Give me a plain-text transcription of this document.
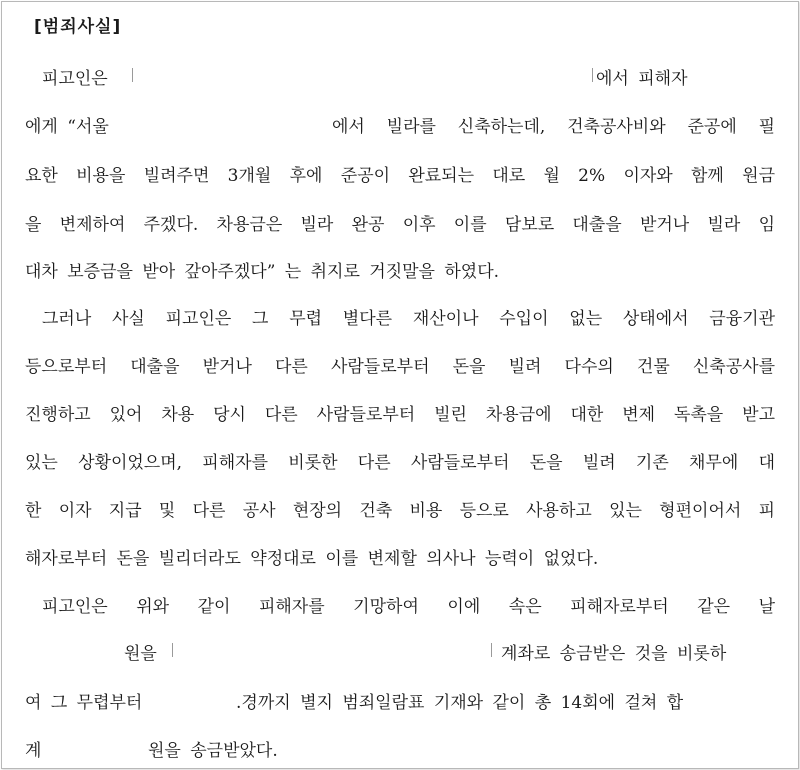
[범죄사실]
피고인은	에서 피해자
에게 “서울	에서 빌라를 신축하는데, 건축공사비와 준공에 필
요한 비용을 빌려주면 3개월 후에 준공이 완료되는 대로 월 2% 이자와 함께 원금
을 변제하여 주겠다. 차용금은 빌라 완공 이후 이를 담보로 대출을 받거나 빌라 임
대차 보증금을 받아 갚아주겠다” 는 취지로 거짓말을 하였다.
그러나 사실 피고인은 그 무렵 별다른 재산이나 수입이 없는 상태에서 금융기관
등으로부터 대출을 받거나 다른 사람들로부터 돈을 빌려 다수의 건물 신축공사를
진행하고 있어 차용 당시 다른 사람들로부터 빌린 차용금에 대한 변제 독촉을 받고
있는 상황이었으며, 피해자를 비롯한 다른 사람들로부터 돈을 빌려 기존 채무에 대
한 이자 지급 및 다른 공사 현장의 건축 비용 등으로 사용하고 있는 형편이어서 피
해자로부터 돈을 빌리더라도 약정대로 이를 변제할 의사나 능력이 없었다.
피고인은 위와 같이 피해자를 기망하여 이에 속은 피해자로부터 같은 날
원을	계좌로 송금받은 것을 비롯하
여 그 무렵부터	.경까지 별지 범죄일람표 기재와 같이 총 14회에 걸쳐 합
계	원을 송금받았다.
